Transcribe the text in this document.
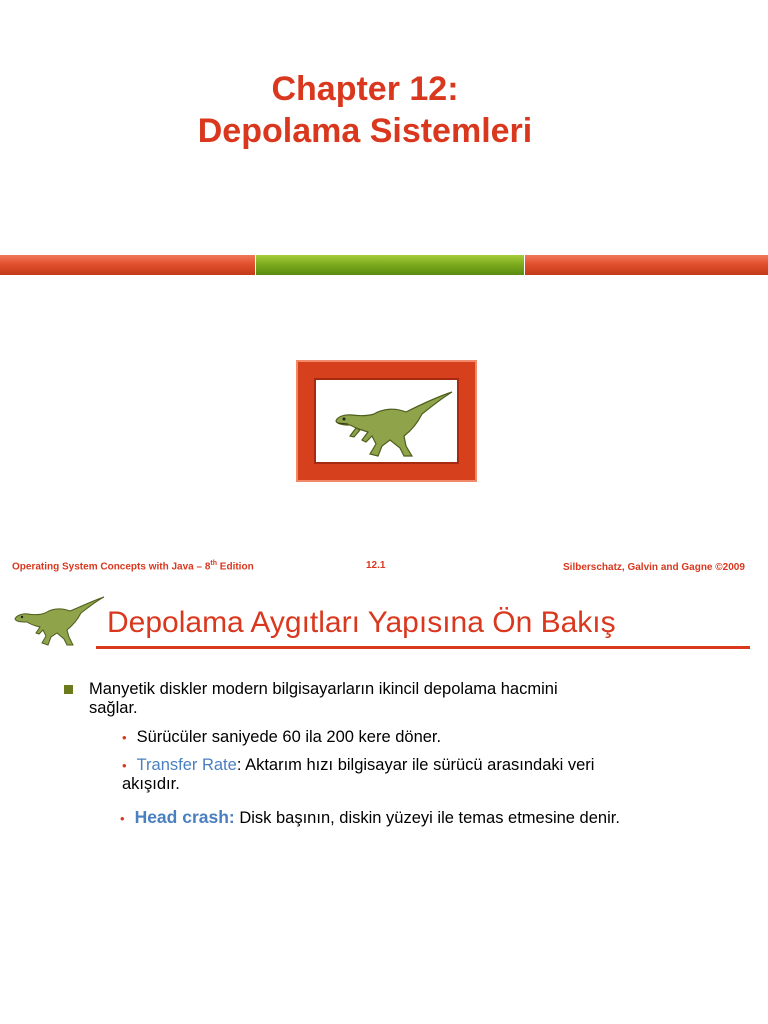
Chapter 12:
Depolama Sistemleri
Operating System Concepts with Java – 8th Edition	12.1	Silberschatz, Galvin and Gagne ©2009
Depolama Aygıtları Yapısına Ön Bakış
Manyetik diskler modern bilgisayarların ikincil depolama hacmini sağlar.
• Sürücüler saniyede 60 ila 200 kere döner.
• Transfer Rate: Aktarım hızı bilgisayar ile sürücü arasındaki veri akışıdır.
• Head crash: Disk başının, diskin yüzeyi ile temas etmesine denir.
